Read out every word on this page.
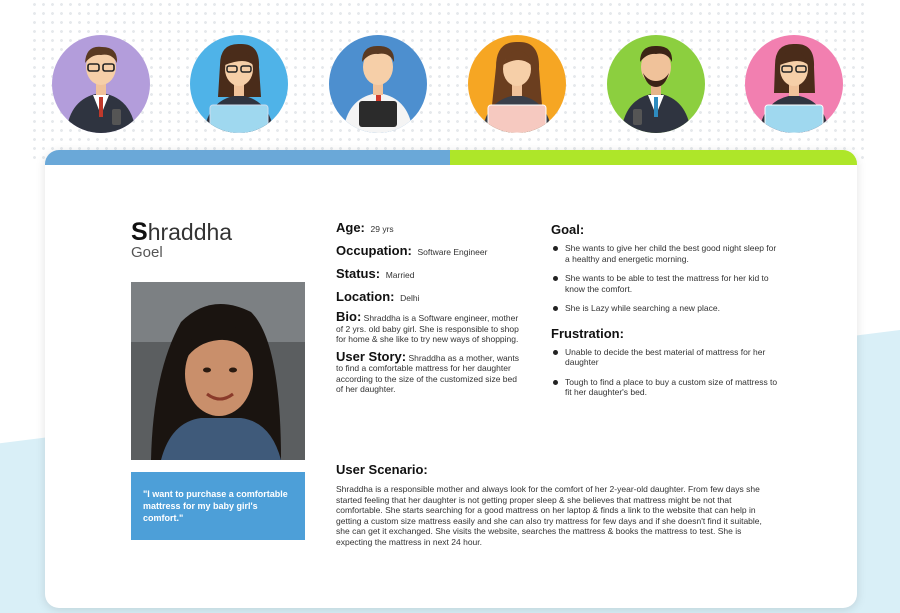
Shraddha
Goel
"I want to purchase a comfortable mattress for my baby girl's comfort."
Age: 29 yrs
Occupation: Software Engineer
Status: Married
Location: Delhi
Bio: Shraddha is a Software engineer, mother of 2 yrs. old baby girl. She is responsible to shop for home & she like to try new ways of shopping.
User Story: Shraddha as a mother, wants to find a comfortable mattress for her daughter according to the size of the customized size bed of her daughter.
Goal:
She wants to give her child the best good night sleep for a healthy and energetic morning.
She wants to be able to test the mattress for her kid to know the comfort.
She is Lazy while searching a new place.
Frustration:
Unable to decide the best material of mattress for her daughter
Tough to find a place to buy a custom size of mattress to fit her daughter's bed.
User Scenario:
Shraddha is a responsible mother and always look for the comfort of her 2-year-old daughter. From few days she started feeling that her daughter is not getting proper sleep & she believes that mattress might be not that comfortable. She starts searching for a good mattress on her laptop & finds a link to the website that can help in getting a custom size mattress easily and she can also try mattress for few days and if she doesn't find it suitable, she can get it exchanged. She visits the website, searches the mattress & books the mattress to test. She is expecting the mattress in next 24 hour.
